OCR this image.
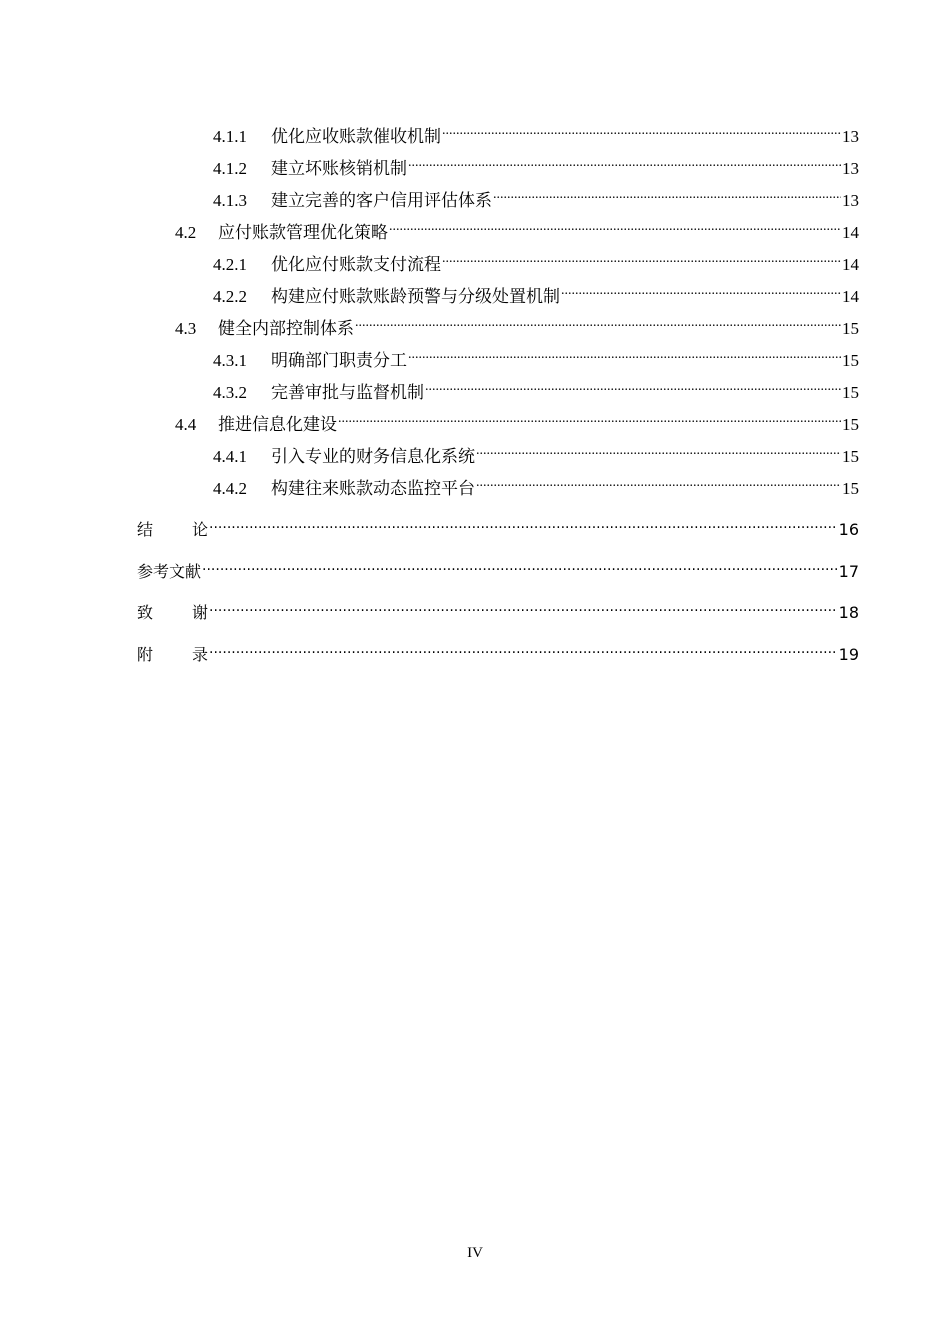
4.1.1	优化应收账款催收机制 .....	13
4.1.2	建立坏账核销机制 .....	13
4.1.3	建立完善的客户信用评估体系 .....	13
4.2	应付账款管理优化策略 .....	14
4.2.1	优化应付账款支付流程 .....	14
4.2.2	构建应付账款账龄预警与分级处置机制 .....	14
4.3	健全内部控制体系 .....	15
4.3.1	明确部门职责分工 .....	15
4.3.2	完善审批与监督机制 .....	15
4.4	推进信息化建设 .....	15
4.4.1	引入专业的财务信息化系统 .....	15
4.4.2	构建往来账款动态监控平台 .....	15
结论 .....	16
参考文献 .....	17
致谢 .....	18
附录 .....	19
IV
